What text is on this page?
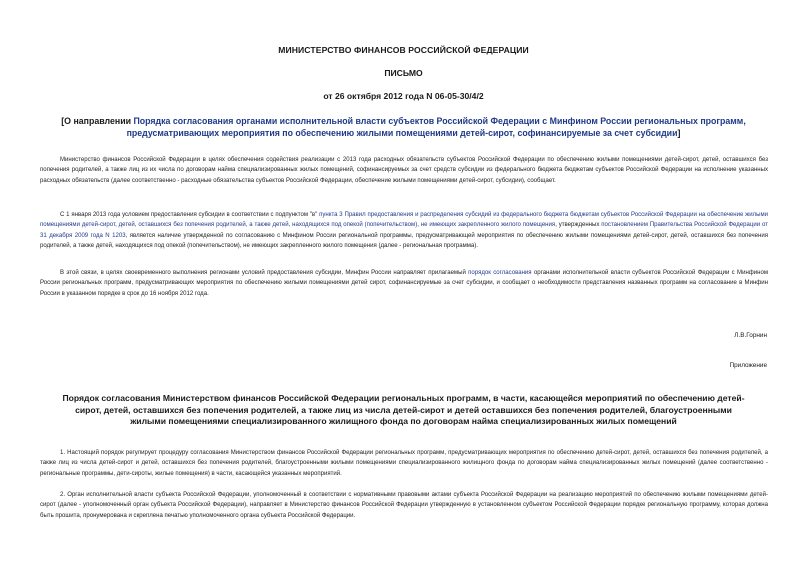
МИНИСТЕРСТВО ФИНАНСОВ РОССИЙСКОЙ ФЕДЕРАЦИИ
ПИСЬМО
от 26 октября 2012 года N 06-05-30/4/2
[О направлении Порядка согласования органами исполнительной власти субъектов Российской Федерации с Минфином России региональных программ, предусматривающих мероприятия по обеспечению жилыми помещениями детей-сирот, софинансируемые за счет субсидии]

Министерство финансов Российской Федерации в целях обеспечения содействия реализации с 2013 года расходных обязательств субъектов Российской Федерации по обеспечению жилыми помещениями детей-сирот, детей, оставшихся без попечения родителей, а также лиц из их числа по договорам найма специализированных жилых помещений, софинансируемых за счет средств субсидии из федерального бюджета бюджетам субъектов Российской Федерации на исполнение указанных расходных обязательств (далее соответственно - расходные обязательства субъектов Российской Федерации, обеспечение жилыми помещениями детей-сирот, субсидии), сообщает.

С 1 января 2013 года условием предоставления субсидии в соответствии с подпунктом "в" пункта 3 Правил предоставления и распределения субсидий из федерального бюджета бюджетам субъектов Российской Федерации на обеспечение жилыми помещениями детей-сирот, детей, оставшихся без попечения родителей, а также детей, находящихся под опекой (попечительством), не имеющих закрепленного жилого помещения, утвержденных постановлением Правительства Российской Федерации от 31 декабря 2009 года N 1203, является наличие утвержденной по согласованию с Минфином России региональной программы, предусматривающей мероприятия по обеспечению жилыми помещениями детей-сирот, детей, оставшихся без попечения родителей, а также детей, находящихся под опекой (попечительством), не имеющих закрепленного жилого помещения (далее - региональная программа).

В этой связи, в целях своевременного выполнения регионами условий предоставления субсидии, Минфин России направляет прилагаемый порядок согласования органами исполнительной власти субъектов Российской Федерации с Минфином России региональных программ, предусматривающих мероприятия по обеспечению жилыми помещениями детей сирот, софинансируемые за счет субсидии, и сообщает о необходимости представления названных программ на согласование в Минфин России в указанном порядке в срок до 16 ноября 2012 года.

Л.В.Горнин
Приложение
Порядок согласования Министерством финансов Российской Федерации региональных программ, в части, касающейся мероприятий по обеспечению детей-сирот, детей, оставшихся без попечения родителей, а также лиц из числа детей-сирот и детей оставшихся без попечения родителей, благоустроенными жилыми помещениями специализированного жилищного фонда по договорам найма специализированных жилых помещений

1. Настоящий порядок регулирует процедуру согласования Министерством финансов Российской Федерации региональных программ, предусматривающих мероприятия по обеспечению детей-сирот, детей, оставшихся без попечения родителей, а также лиц из числа детей-сирот и детей, оставшихся без попечения родителей, благоустроенными жилыми помещениями специализированного жилищного фонда по договорам найма специализированных жилых помещений (далее соответственно - региональные программы, дети-сироты, жилые помещения) в части, касающейся указанных мероприятий.

2. Орган исполнительной власти субъекта Российской Федерации, уполномоченный в соответствии с нормативными правовыми актами субъекта Российской Федерации на реализацию мероприятий по обеспечению жилыми помещениями детей-сирот (далее - уполномоченный орган субъекта Российской Федерации), направляет в Министерство финансов Российской Федерации утвержденную в установленном субъектом Российской Федерации порядке региональную программу, которая должна быть прошита, пронумерована и скреплена печатью уполномоченного органа субъекта Российской Федерации.
